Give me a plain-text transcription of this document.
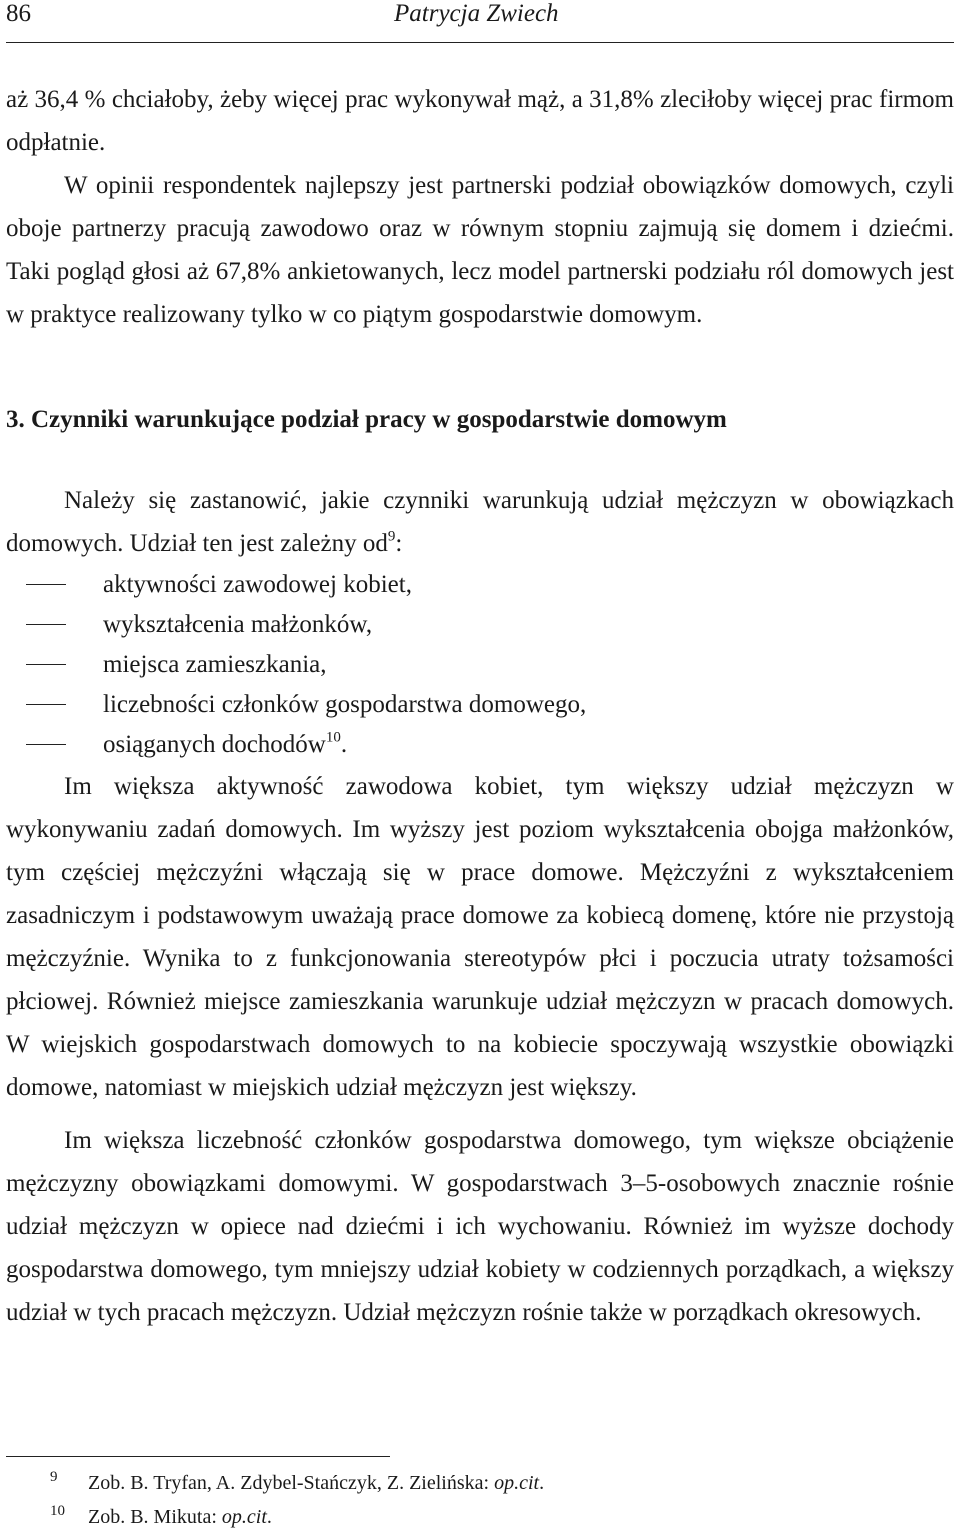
86	Patrycja Zwiech

aż 36,4 % chciałoby, żeby więcej prac wykonywał mąż, a 31,8% zleciłoby więcej prac firmom odpłatnie.

W opinii respondentek najlepszy jest partnerski podział obowiązków domowych, czyli oboje partnerzy pracują zawodowo oraz w równym stopniu zajmują się domem i dziećmi. Taki pogląd głosi aż 67,8% ankietowanych, lecz model partnerski podziału ról domowych jest w praktyce realizowany tylko w co piątym gospodarstwie domowym.

3. Czynniki warunkujące podział pracy w gospodarstwie domowym

Należy się zastanowić, jakie czynniki warunkują udział mężczyzn w obowiązkach domowych. Udział ten jest zależny $od^9$:

aktywności zawodowej kobiet,
wykształcenia małżonków,
miejsca zamieszkania,
liczebności członków gospodarstwa domowego,
osiąganych dochodów$^{10}$.

Im większa aktywność zawodowa kobiet, tym większy udział mężczyzn w wykonywaniu zadań domowych. Im wyższy jest poziom wykształcenia obojga małżonków, tym częściej mężczyźni włączają się w prace domowe. Mężczyźni z wykształceniem zasadniczym i podstawowym uważają prace domowe za kobiecą domenę, które nie przystoją mężczyźnie. Wynika to z funkcjonowania stereotypów płci i poczucia utraty tożsamości płciowej. Również miejsce zamieszkania warunkuje udział mężczyzn w pracach domowych. W wiejskich gospodarstwach domowych to na kobiecie spoczywają wszystkie obowiązki domowe, natomiast w miejskich udział mężczyzn jest większy.

Im większa liczebność członków gospodarstwa domowego, tym większe obciążenie mężczyzny obowiązkami domowymi. W gospodarstwach 3–5-osobowych znacznie rośnie udział mężczyzn w opiece nad dziećmi i ich wychowaniu. Również im wyższe dochody gospodarstwa domowego, tym mniejszy udział kobiety w codziennych porządkach, a większy udział w tych pracach mężczyzn. Udział mężczyzn rośnie także w porządkach okresowych.

9 Zob. B. Tryfan, A. Zdybel-Stańczyk, Z. Zielińska: op.cit.
10 Zob. B. Mikuta: op.cit.
